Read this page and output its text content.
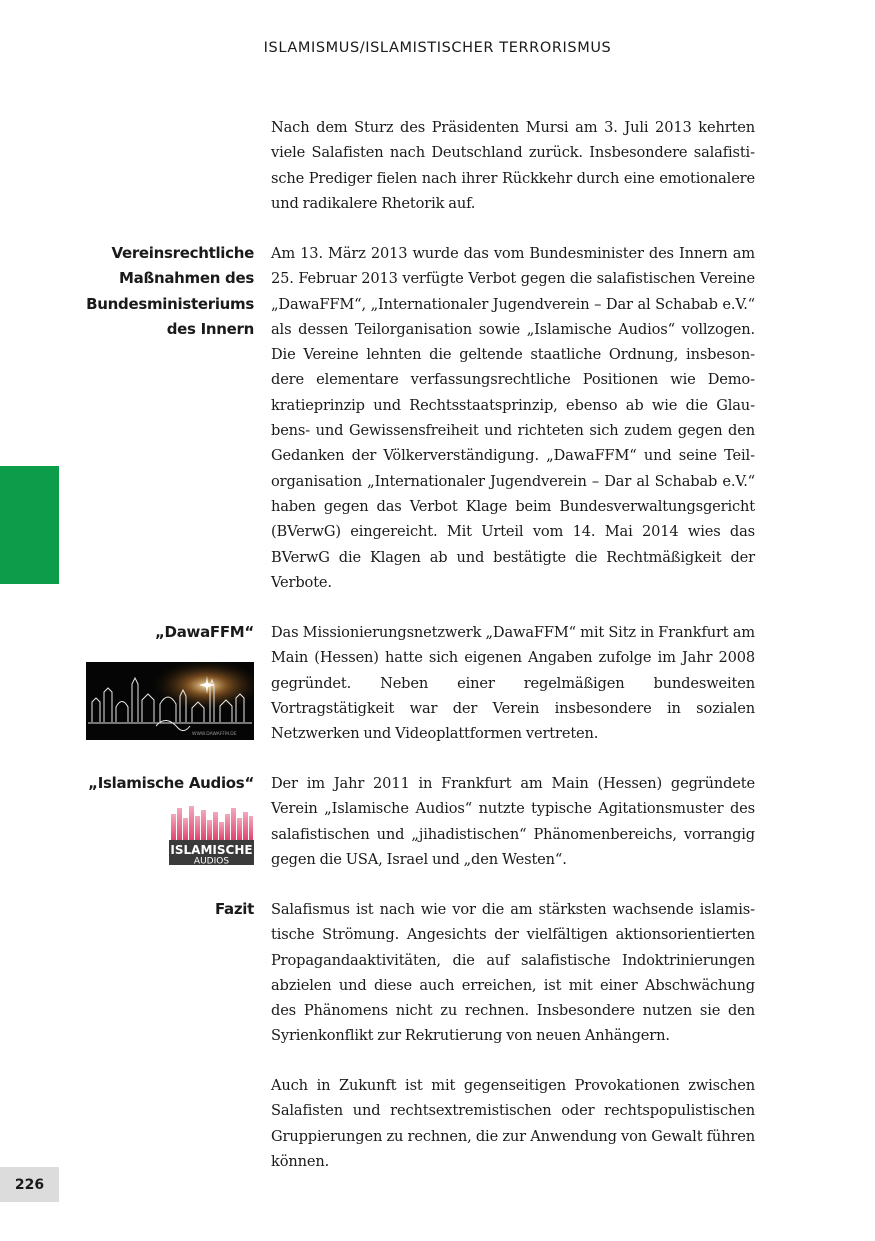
ISLAMISMUS/ISLAMISTISCHER TERRORISMUS

Nach dem Sturz des Präsidenten Mursi am 3. Juli 2013 kehrten viele Salafisten nach Deutschland zurück. Insbesondere salafistische Prediger fielen nach ihrer Rückkehr durch eine emotionalere und radikalere Rhetorik auf.

Vereinsrechtliche
Maßnahmen des
Bundesministeriums
des Innern

Am 13. März 2013 wurde das vom Bundesminister des Innern am 25. Februar 2013 verfügte Verbot gegen die salafistischen Vereine „DawaFFM“, „Internationaler Jugendverein – Dar al Schabab e.V.“ als dessen Teilorganisation sowie „Islamische Audios“ vollzogen. Die Vereine lehnten die geltende staatliche Ordnung, insbesondere elementare verfassungsrechtliche Positionen wie Demokratieprinzip und Rechtsstaatsprinzip, ebenso ab wie die Glaubens- und Gewissensfreiheit und richteten sich zudem gegen den Gedanken der Völkerverständigung. „DawaFFM“ und seine Teilorganisation „Internationaler Jugendverein – Dar al Schabab e.V.“ haben gegen das Verbot Klage beim Bundesverwaltungsgericht (BVerwG) eingereicht. Mit Urteil vom 14. Mai 2014 wies das BVerwG die Klagen ab und bestätigte die Rechtmäßigkeit der Verbote.

„DawaFFM“
WWW.DAWAFFM.DE

Das Missionierungsnetzwerk „DawaFFM“ mit Sitz in Frankfurt am Main (Hessen) hatte sich eigenen Angaben zufolge im Jahr 2008 gegründet. Neben einer regelmäßigen bundesweiten Vortragstätigkeit war der Verein insbesondere in sozialen Netzwerken und Videoplattformen vertreten.

„Islamische Audios“
ISLAMISCHE
AUDIOS

Der im Jahr 2011 in Frankfurt am Main (Hessen) gegründete Verein „Islamische Audios“ nutzte typische Agitationsmuster des salafistischen und „jihadistischen“ Phänomenbereichs, vorrangig gegen die USA, Israel und „den Westen“.

Fazit Salafismus ist nach wie vor die am stärksten wachsende islamistische Strömung. Angesichts der vielfältigen aktionsorientierten Propagandaaktivitäten, die auf salafistische Indoktrinierungen abzielen und diese auch erreichen, ist mit einer Abschwächung des Phänomens nicht zu rechnen. Insbesondere nutzen sie den Syrienkonflikt zur Rekrutierung von neuen Anhängern.

Auch in Zukunft ist mit gegenseitigen Provokationen zwischen Salafisten und rechtsextremistischen oder rechtspopulistischen Gruppierungen zu rechnen, die zur Anwendung von Gewalt führen können.

226
